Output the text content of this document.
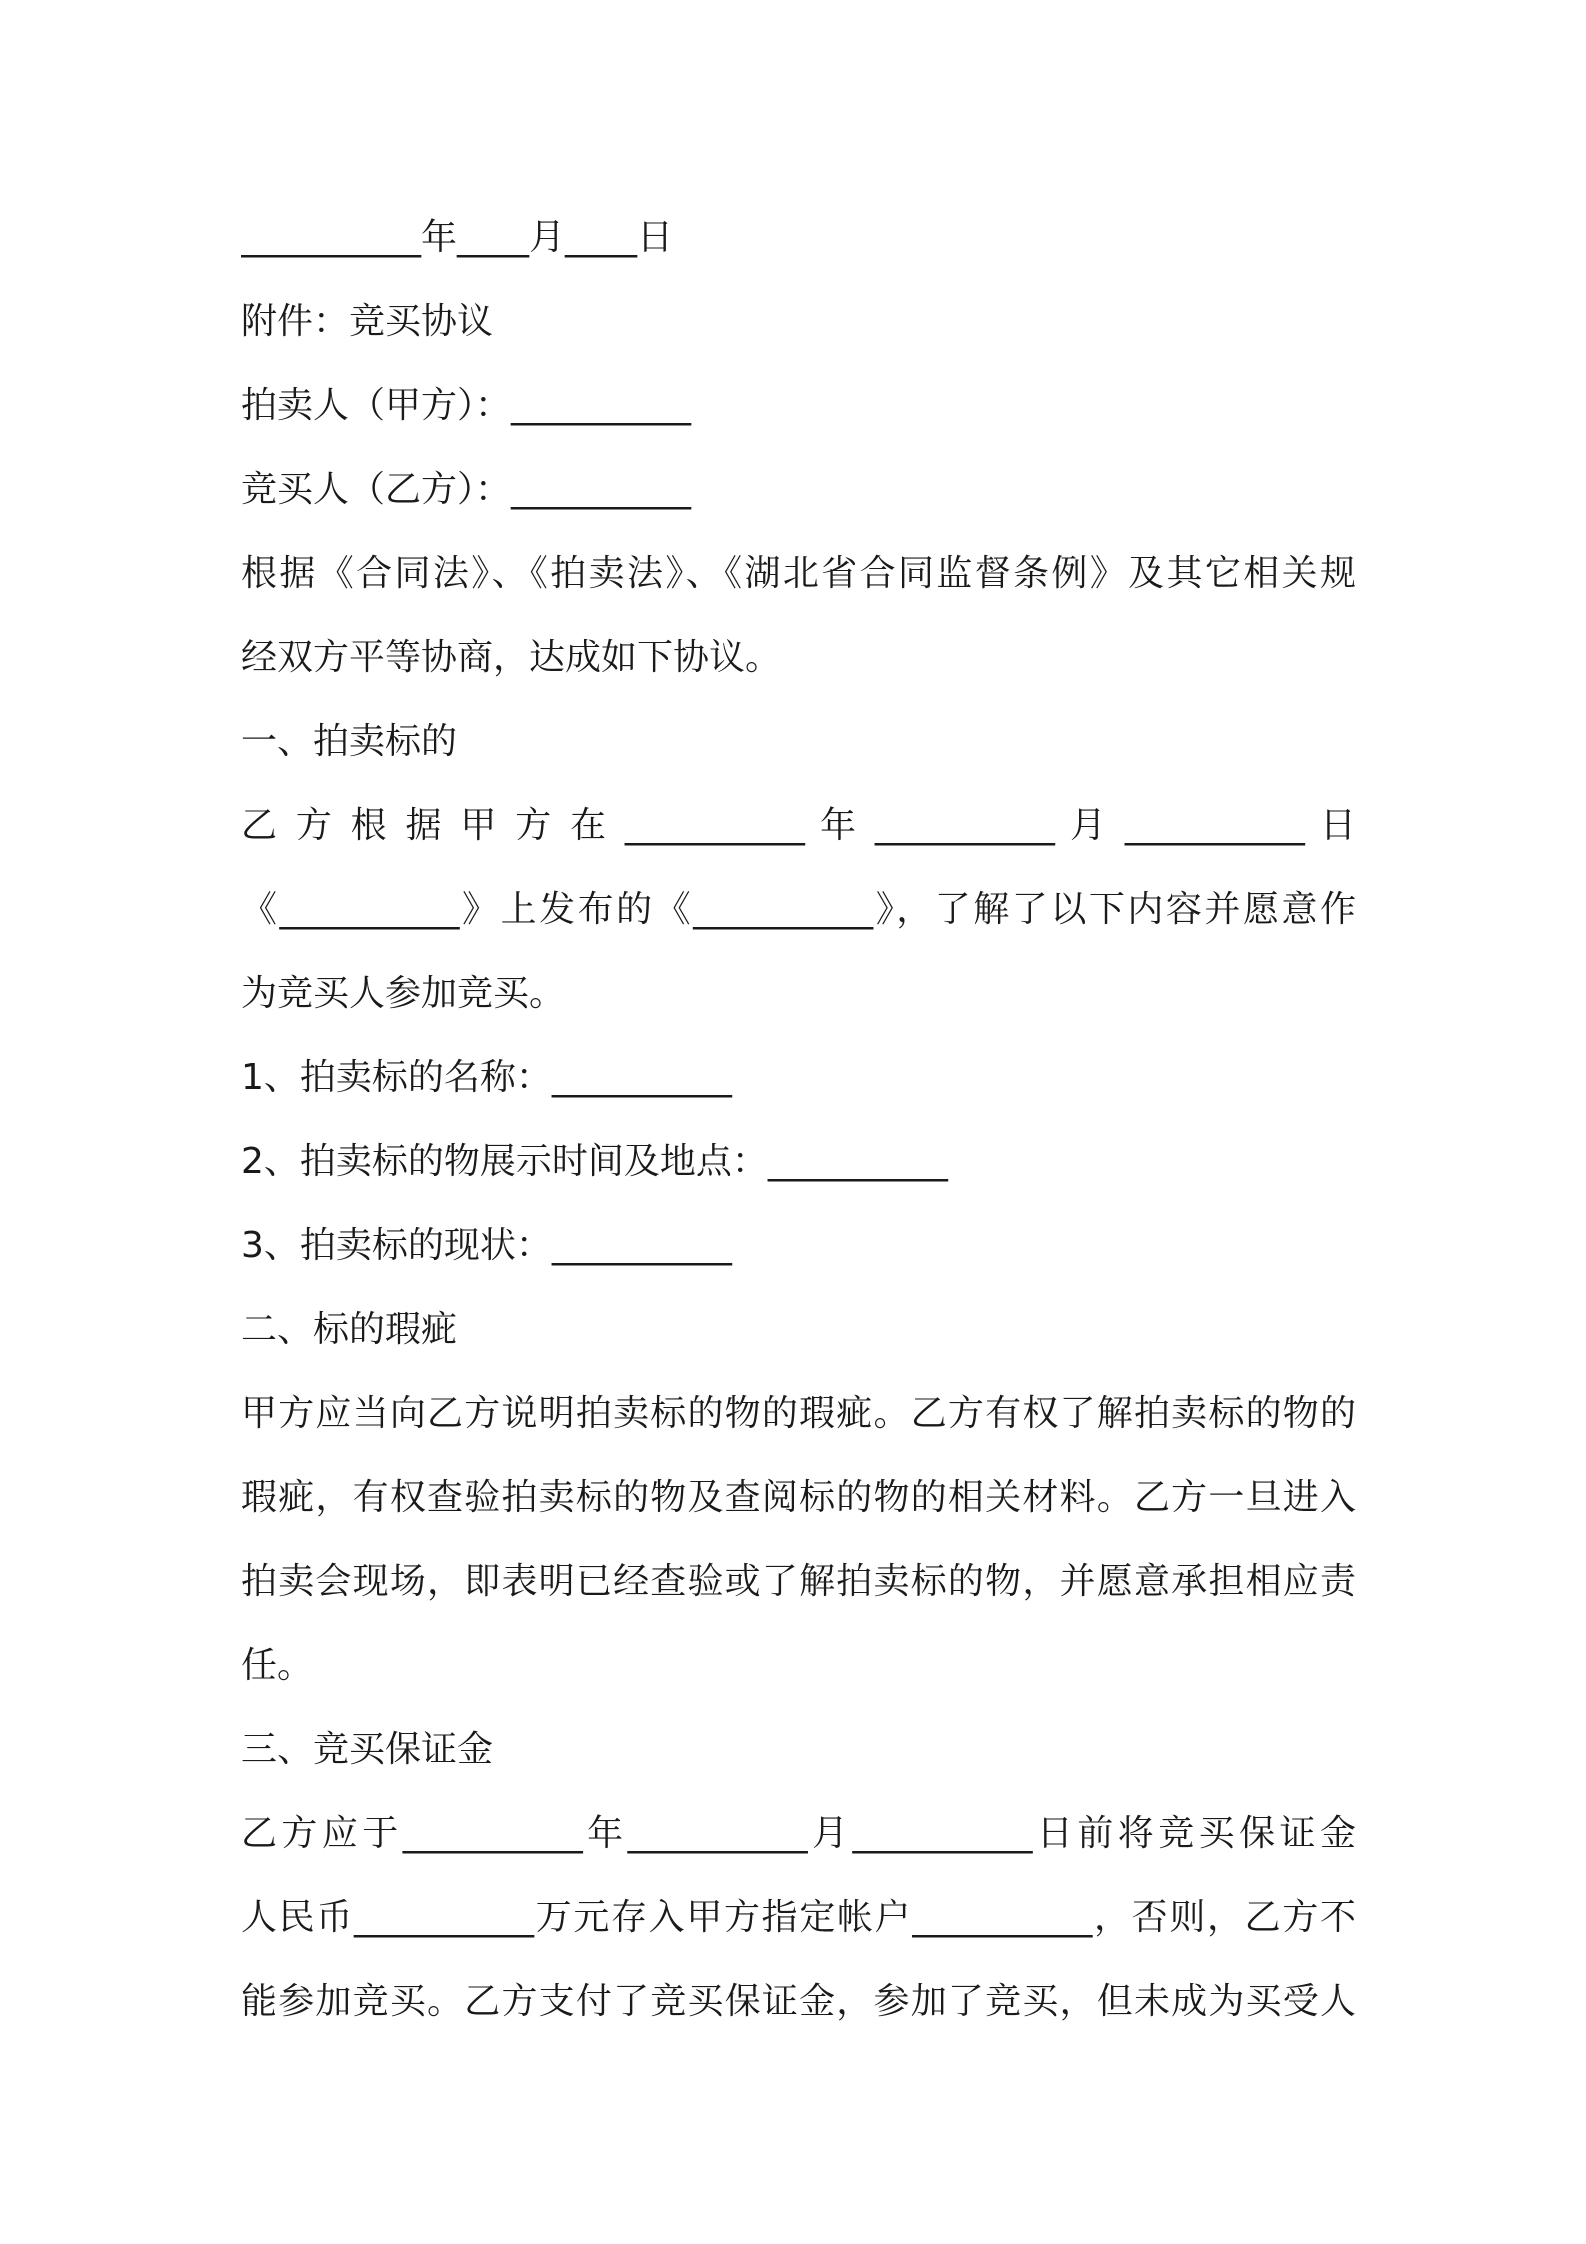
__________年____月____日
附件：竞买协议
拍卖人（甲方）：__________
竞买人（乙方）：__________
根据《合同法》、《拍卖法》、《湖北省合同监督条例》及其它相关规
经双方平等协商，达成如下协议。
一、拍卖标的
乙 方 根 据 甲 方 在 __________ 年 __________ 月 __________ 日
《__________》上发布的《__________》，了解了以下内容并愿意作
为竞买人参加竞买。
1、拍卖标的名称：__________
2、拍卖标的物展示时间及地点：__________
3、拍卖标的现状：__________
二、标的瑕疵
甲方应当向乙方说明拍卖标的物的瑕疵。乙方有权了解拍卖标的物的
瑕疵，有权查验拍卖标的物及查阅标的物的相关材料。乙方一旦进入
拍卖会现场，即表明已经查验或了解拍卖标的物，并愿意承担相应责
任。
三、竞买保证金
乙方应于__________年__________月__________日前将竞买保证金
人民币__________万元存入甲方指定帐户__________，否则，乙方不
能参加竞买。乙方支付了竞买保证金，参加了竞买，但未成为买受人
